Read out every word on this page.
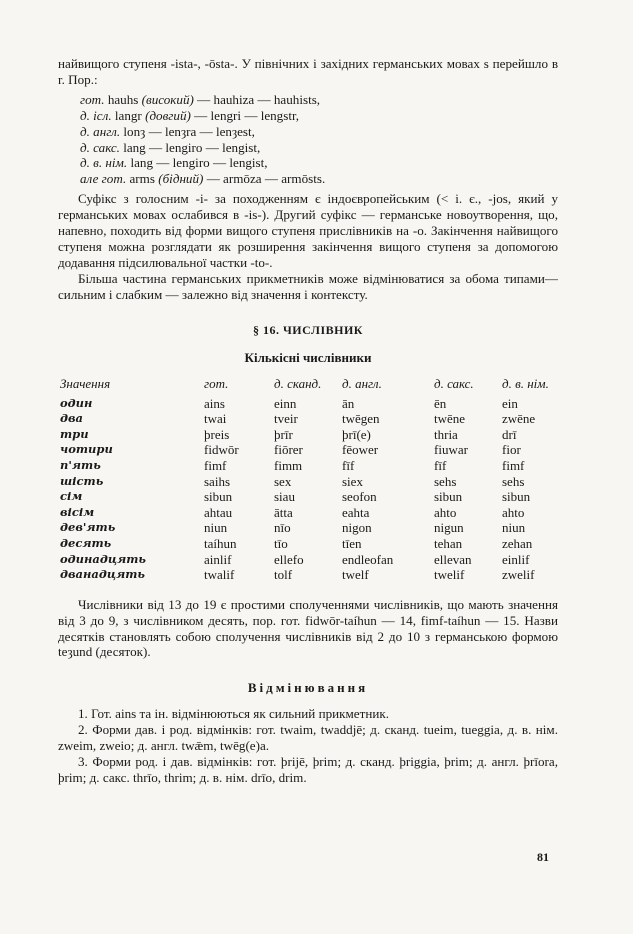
найвищого ступеня -ista-, -ōsta-. У північних і західних германських мовах s перейшло в r. Пор.:

гот. hauhs (високий) — hauhiza — hauhists,
д. ісл. langr (довгий) — lengri — lengstr,
д. англ. lonȝ — lenȝra — lenȝest,
д. сакс. lang — lengiro — lengist,
д. в. нім. lang — lengiro — lengist,
але гот. arms (бідний) — armōza — armōsts.

Суфікс з голосним -i- за походженням є індоєвропейським (< і. є., -jos, який у германських мовах ослабився в -is-). Другий суфікс — германське новоутворення, що, напевно, походить від форми вищого ступеня прислівників на -o. Закінчення найвищого ступеня можна розглядати як розширення закінчення вищого ступеня за допомогою додавання підсилювальної частки -to-.

Більша частина германських прикметників може відмінюватися за обома типами—сильним і слабким — залежно від значення і контексту.

§ 16. ЧИСЛІВНИК
Кількісні числівники
Значення	гот.	д. сканд.	д. англ.	д. сакс.	д. в. нім.
один	ains	einn	ān	ēn	ein
два	twai	tveir	twēgen	twēne	zwēne
три	þreis	þrīr	þrī(e)	thria	drī
чотири	fidwōr	fiōrer	fēower	fiuwar	fior
п'ять	fimf	fimm	fīf	fīf	fimf
шість	saihs	sex	siex	sehs	sehs
сім	sibun	siau	seofon	sibun	sibun
вісім	ahtau	ātta	eahta	ahto	ahto
дев'ять	niun	nīo	nigon	nigun	niun
десять	taíhun	tīo	tīen	tehan	zehan
одинадцять	ainlif	ellefo	endleofan	ellevan	einlif
дванадцять	twalif	tolf	twelf	twelif	zwelif

Числівники від 13 до 19 є простими сполученнями числівників, що мають значення від 3 до 9, з числівником десять, пор. гот. fidwōr-taíhun — 14, fimf-taíhun — 15. Назви десятків становлять собою сполучення числівників від 2 до 10 з германською формою teȝund (десяток).

Відмінювання

1. Гот. ains та ін. відмінюються як сильний прикметник.

2. Форми дав. і род. відмінків: гот. twaim, twaddjē; д. сканд. tueim, tueggia, д. в. нім. zweim, zweio; д. англ. twǣm, twēg(e)a.

3. Форми род. і дав. відмінків: гот. þrijē, þrim; д. сканд. þriggia, þrim; д. англ. þrīora, þrim; д. сакс. thrīo, thrim; д. в. нім. drīo, drim.

81
